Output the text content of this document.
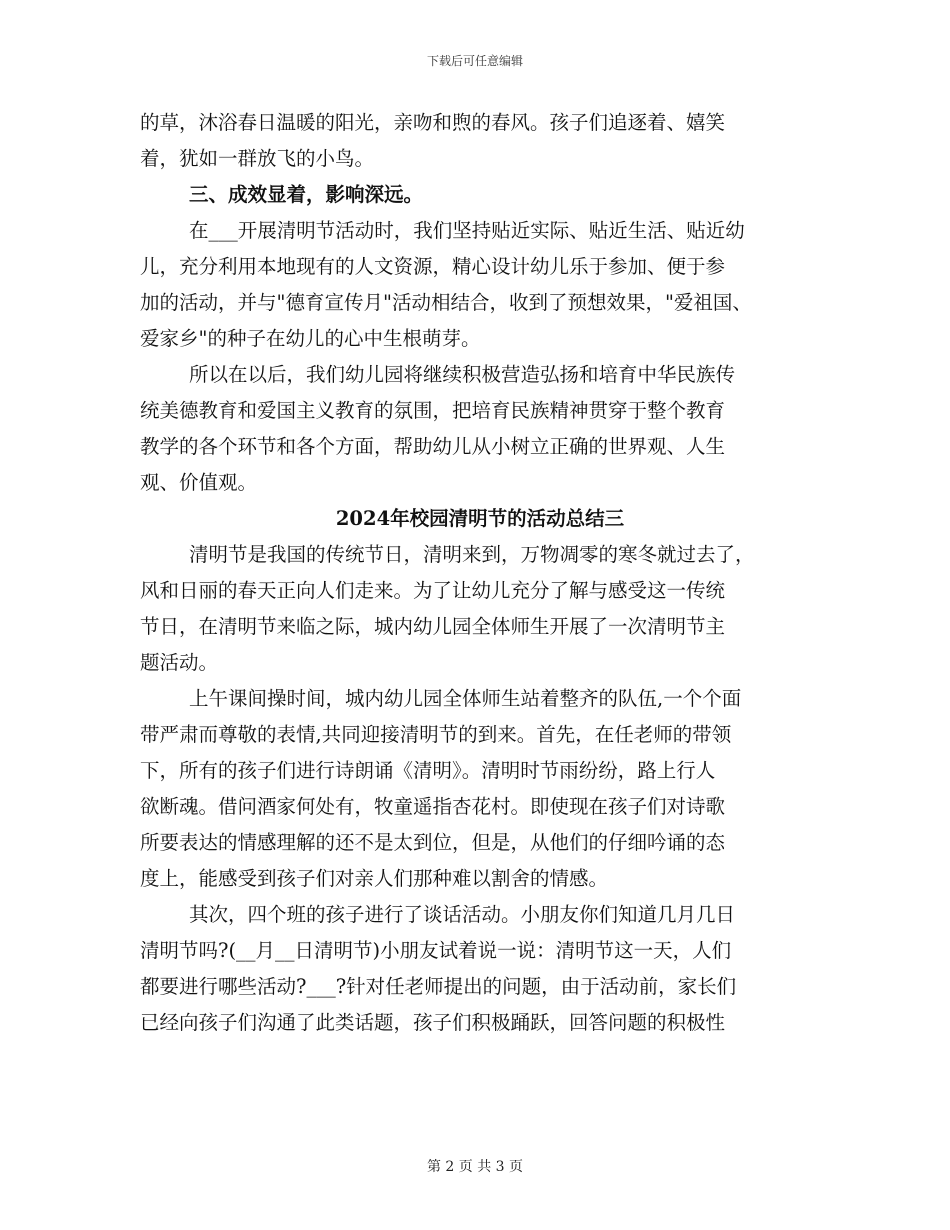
下载后可任意编辑
的草，沐浴春日温暖的阳光，亲吻和煦的春风。孩子们追逐着、嬉笑
着，犹如一群放飞的小鸟。
三、成效显着，影响深远。
在___开展清明节活动时，我们坚持贴近实际、贴近生活、贴近幼
儿，充分利用本地现有的人文资源，精心设计幼儿乐于参加、便于参
加的活动，并与"德育宣传月"活动相结合，收到了预想效果，"爱祖国、
爱家乡"的种子在幼儿的心中生根萌芽。
所以在以后，我们幼儿园将继续积极营造弘扬和培育中华民族传
统美德教育和爱国主义教育的氛围，把培育民族精神贯穿于整个教育
教学的各个环节和各个方面，帮助幼儿从小树立正确的世界观、人生
观、价值观。
2024年校园清明节的活动总结三
清明节是我国的传统节日，清明来到，万物凋零的寒冬就过去了，
风和日丽的春天正向人们走来。为了让幼儿充分了解与感受这一传统
节日，在清明节来临之际，城内幼儿园全体师生开展了一次清明节主
题活动。
上午课间操时间，城内幼儿园全体师生站着整齐的队伍,一个个面
带严肃而尊敬的表情,共同迎接清明节的到来。首先，在任老师的带领
下，所有的孩子们进行诗朗诵《清明》。清明时节雨纷纷，路上行人
欲断魂。借问酒家何处有，牧童遥指杏花村。即使现在孩子们对诗歌
所要表达的情感理解的还不是太到位，但是，从他们的仔细吟诵的态
度上，能感受到孩子们对亲人们那种难以割舍的情感。
其次，四个班的孩子进行了谈话活动。小朋友你们知道几月几日
清明节吗?(__月__日清明节)小朋友试着说一说：清明节这一天，人们
都要进行哪些活动?___?针对任老师提出的问题，由于活动前，家长们
已经向孩子们沟通了此类话题，孩子们积极踊跃，回答问题的积极性
第 2 页 共 3 页
